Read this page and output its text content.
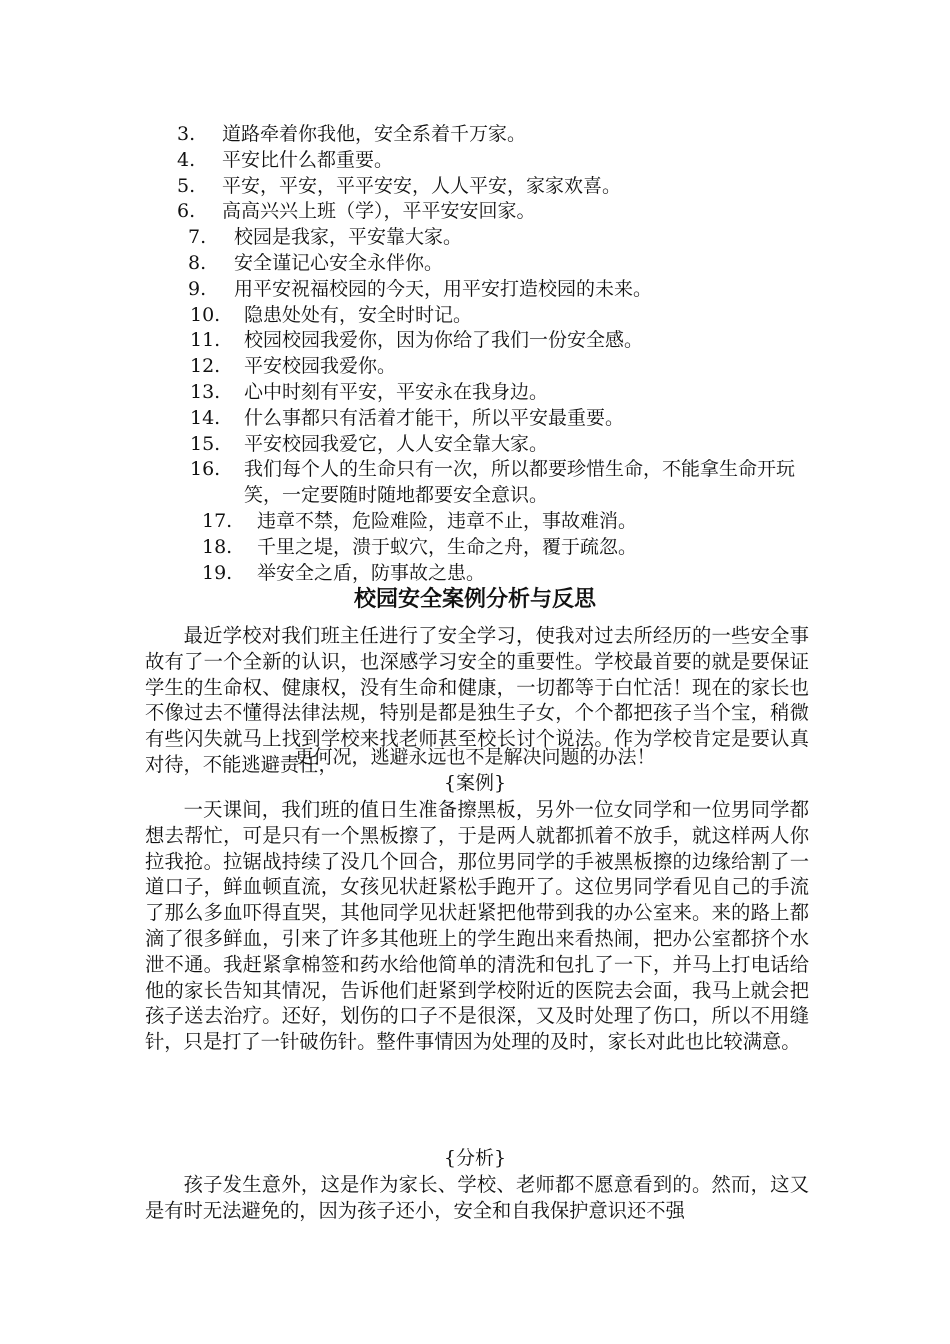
3. 道路牵着你我他，安全系着千万家。
4. 平安比什么都重要。
5. 平安，平安，平平安安，人人平安，家家欢喜。
6. 高高兴兴上班（学），平平安安回家。
7. 校园是我家，平安靠大家。
8. 安全谨记心安全永伴你。
9. 用平安祝福校园的今天，用平安打造校园的未来。
10. 隐患处处有，安全时时记。
11. 校园校园我爱你，因为你给了我们一份安全感。
12. 平安校园我爱你。
13. 心中时刻有平安，平安永在我身边。
14. 什么事都只有活着才能干，所以平安最重要。
15. 平安校园我爱它，人人安全靠大家。
16. 我们每个人的生命只有一次，所以都要珍惜生命，不能拿生命开玩笑，一定要随时随地都要安全意识。
17. 违章不禁，危险难险，违章不止，事故难消。
18. 千里之堤，溃于蚁穴，生命之舟，覆于疏忽。
19. 举安全之盾，防事故之患。
校园安全案例分析与反思

最近学校对我们班主任进行了安全学习，使我对过去所经历的一些安全事故有了一个全新的认识，也深感学习安全的重要性。学校最首要的就是要保证学生的生命权、健康权，没有生命和健康，一切都等于白忙活！现在的家长也不像过去不懂得法律法规，特别是都是独生子女，个个都把孩子当个宝，稍微有些闪失就马上找到学校来找老师甚至校长讨个说法。作为学校肯定是要认真对待，不能逃避责任，

更何况，逃避永远也不是解决问题的办法！
{案例}

一天课间，我们班的值日生准备擦黑板，另外一位女同学和一位男同学都想去帮忙，可是只有一个黑板擦了，于是两人就都抓着不放手，就这样两人你拉我抢。拉锯战持续了没几个回合，那位男同学的手被黑板擦的边缘给割了一道口子，鲜血顿直流，女孩见状赶紧松手跑开了。这位男同学看见自己的手流了那么多血吓得直哭，其他同学见状赶紧把他带到我的办公室来。来的路上都滴了很多鲜血，引来了许多其他班上的学生跑出来看热闹，把办公室都挤个水泄不通。我赶紧拿棉签和药水给他简单的清洗和包扎了一下，并马上打电话给他的家长告知其情况，告诉他们赶紧到学校附近的医院去会面，我马上就会把孩子送去治疗。还好，划伤的口子不是很深，又及时处理了伤口，所以不用缝针，只是打了一针破伤针。整件事情因为处理的及时，家长对此也比较满意。

{分析}

孩子发生意外，这是作为家长、学校、老师都不愿意看到的。然而，这又是有时无法避免的，因为孩子还小，安全和自我保护意识还不强
